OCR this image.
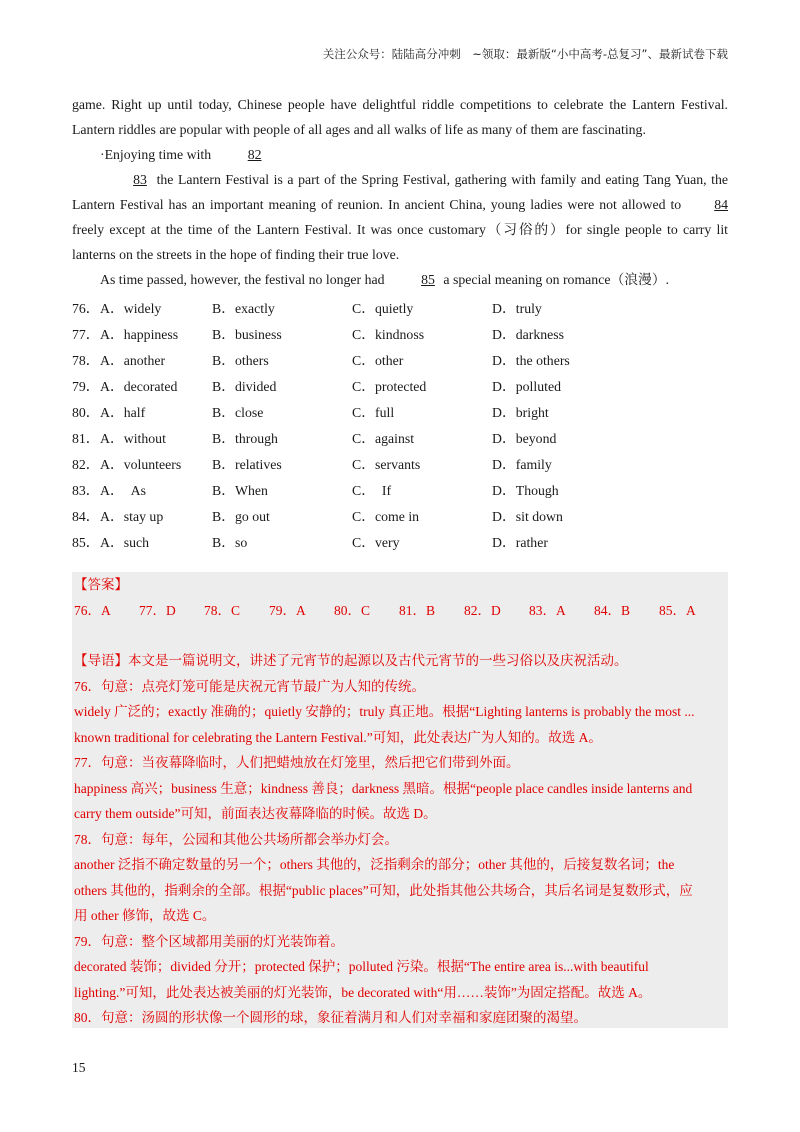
关注公众号：陆陆高分冲刺　~领取：最新版“小中高考-总复习”、最新试卷下载

game. Right up until today, Chinese people have delightful riddle competitions to celebrate the Lantern Festival. Lantern riddles are popular with people of all ages and all walks of life as many of them are fascinating.

·Enjoying time with	82

83 the Lantern Festival is a part of the Spring Festival, gathering with family and eating Tang Yuan, the Lantern Festival has an important meaning of reunion. In ancient China, young ladies were not allowed to 84 freely except at the time of the Lantern Festival. It was once customary（习俗的）for single people to carry lit lanterns on the streets in the hope of finding their true love.

As time passed, however, the festival no longer had	85 a special meaning on romance（浪漫）.

76． A．widely	B．exactly	C．quietly	D．truly
77． A．happiness	B．business	C．kindnoss	D．darkness
78． A．another	B．others	C．other	D．the others
79． A．decorated	B．divided	C．protected	D．polluted
80． A．half	B．close	C．full	D．bright
81． A．without	B．through	C．against	D．beyond
82． A．volunteers	B．relatives	C．servants	D．family
83． A．　As	B．When	C．　If	D．Though
84． A．stay up	B．go out	C．come in	D．sit down
85． A．such	B．so	C．very	D．rather

【答案】

76．A	77．D	78．C	79．A	80．C	81．B	82．D	83．A	84．B	85．A

【导语】本文是一篇说明文，讲述了元宵节的起源以及古代元宵节的一些习俗以及庆祝活动。

76．句意：点亮灯笼可能是庆祝元宵节最广为人知的传统。

widely 广泛的；exactly 准确的；quietly 安静的；truly 真正地。根据“Lighting lanterns is probably the most ...

known traditional for celebrating the Lantern Festival.”可知，此处表达广为人知的。故选 A。

77．句意：当夜幕降临时，人们把蜡烛放在灯笼里，然后把它们带到外面。

happiness 高兴；business 生意；kindness 善良；darkness 黑暗。根据“people place candles inside lanterns and

carry them outside”可知，前面表达夜幕降临的时候。故选 D。

78．句意：每年，公园和其他公共场所都会举办灯会。

another 泛指不确定数量的另一个；others 其他的，泛指剩余的部分；other 其他的，后接复数名词；the

others 其他的，指剩余的全部。根据“public places”可知，此处指其他公共场合，其后名词是复数形式，应

用 other 修饰，故选 C。

79．句意：整个区域都用美丽的灯光装饰着。

decorated 装饰；divided 分开；protected 保护；polluted 污染。根据“The entire area is...with beautiful

lighting.”可知，此处表达被美丽的灯光装饰，be decorated with“用……装饰”为固定搭配。故选 A。

80．句意：汤圆的形状像一个圆形的球，象征着满月和人们对幸福和家庭团聚的渴望。

15
